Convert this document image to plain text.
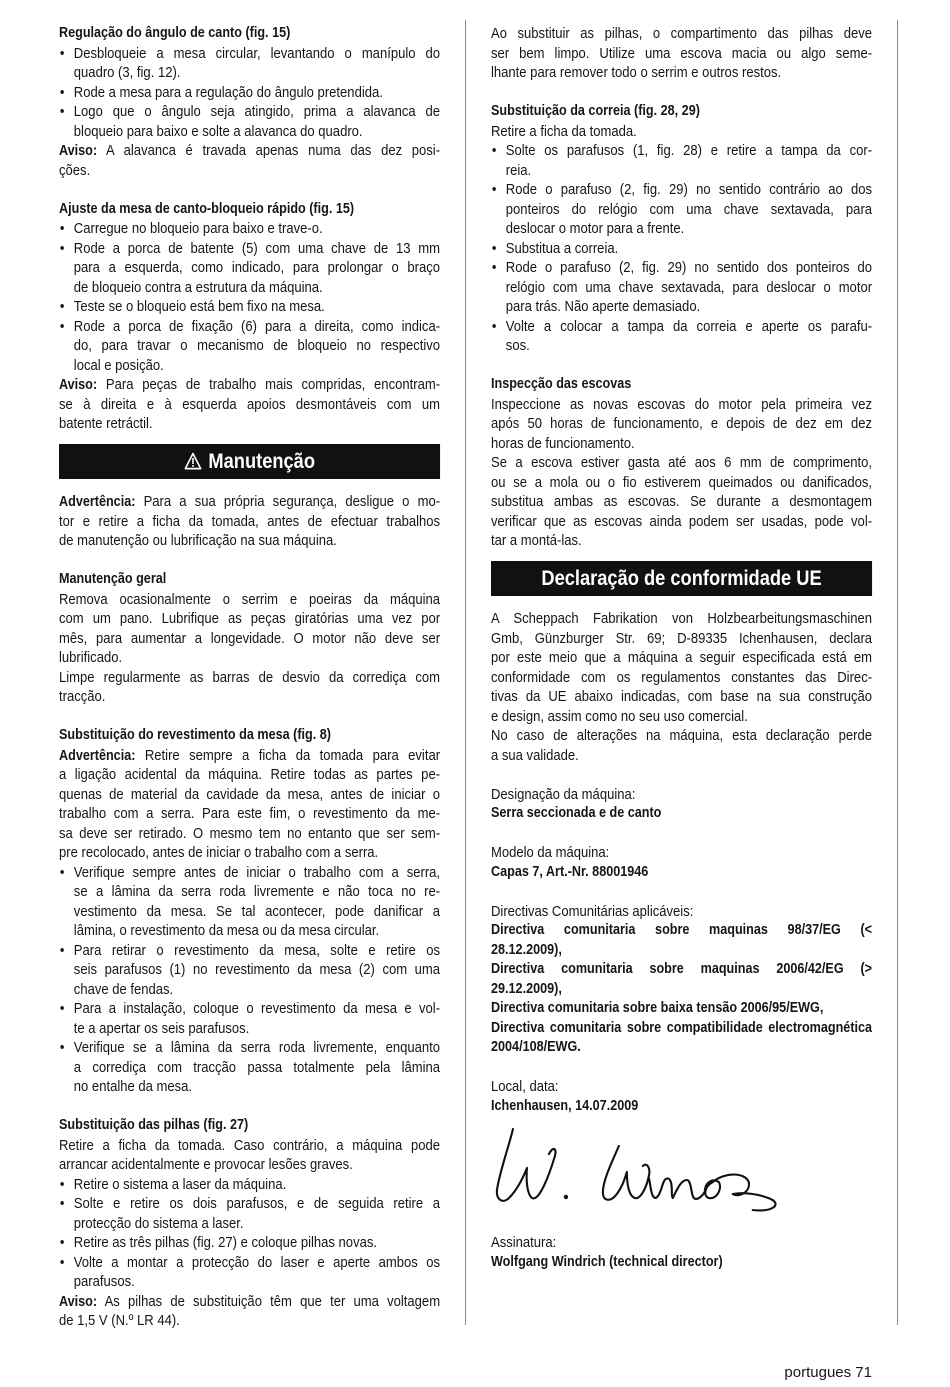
Regulação do ângulo de canto (fig. 15)
•
Desbloqueie a mesa circular, levantando o manípulo do
quadro (3, fig. 12).
•
Rode a mesa para a regulação do ângulo pretendida.
•
Logo que o ângulo seja atingido, prima a alavanca de
bloqueio para baixo e solte a alavanca do quadro.
Aviso: A alavanca é travada apenas numa das dez posi-
ções.
Ajuste da mesa de canto-bloqueio rápido (fig. 15)
•
Carregue no bloqueio para baixo e trave-o.
•
Rode a porca de batente (5) com uma chave de 13 mm
para a esquerda, como indicado, para prolongar o braço
de bloqueio contra a estrutura da máquina.
•
Teste se o bloqueio está bem fixo na mesa.
•
Rode a porca de fixação (6) para a direita, como indica-
do, para travar o mecanismo de bloqueio no respectivo
local e posição.
Aviso: Para peças de trabalho mais compridas, encontram-
se à direita e à esquerda apoios desmontáveis com um
batente retráctil.
Manutenção
Advertência: Para a sua própria segurança, desligue o mo-
tor e retire a ficha da tomada, antes de efectuar trabalhos
de manutenção ou lubrificação na sua máquina.
Manutenção geral
Remova ocasionalmente o serrim e poeiras da máquina
com um pano. Lubrifique as peças giratórias uma vez por
mês, para aumentar a longevidade. O motor não deve ser
lubrificado.
Limpe regularmente as barras de desvio da corrediça com
tracção.
Substituição do revestimento da mesa (fig. 8)
Advertência: Retire sempre a ficha da tomada para evitar
a ligação acidental da máquina. Retire todas as partes pe-
quenas de material da cavidade da mesa, antes de iniciar o
trabalho com a serra. Para este fim, o revestimento da me-
sa deve ser retirado. O mesmo tem no entanto que ser sem-
pre recolocado, antes de iniciar o trabalho com a serra.
•
Verifique sempre antes de iniciar o trabalho com a serra,
se a lâmina da serra roda livremente e não toca no re-
vestimento da mesa. Se tal acontecer, pode danificar a
lâmina, o revestimento da mesa ou da mesa circular.
•
Para retirar o revestimento da mesa, solte e retire os
seis parafusos (1) no revestimento da mesa (2) com uma
chave de fendas.
•
Para a instalação, coloque o revestimento da mesa e vol-
te a apertar os seis parafusos.
•
Verifique se a lâmina da serra roda livremente, enquanto
a corrediça com tracção passa totalmente pela lâmina
no entalhe da mesa.
Substituição das pilhas (fig. 27)
Retire a ficha da tomada. Caso contrário, a máquina pode
arrancar acidentalmente e provocar lesões graves.
•
Retire o sistema a laser da máquina.
•
Solte e retire os dois parafusos, e de seguida retire a
protecção do sistema a laser.
•
Retire as três pilhas (fig. 27) e coloque pilhas novas.
•
Volte a montar a protecção do laser e aperte ambos os
parafusos.
Aviso: As pilhas de substituição têm que ter uma voltagem
de 1,5 V (N.º LR 44).
Ao substituir as pilhas, o compartimento das pilhas deve
ser bem limpo. Utilize uma escova macia ou algo seme-
lhante para remover todo o serrim e outros restos.
Substituição da correia (fig. 28, 29)
Retire a ficha da tomada.
•
Solte os parafusos (1, fig. 28) e retire a tampa da cor-
reia.
•
Rode o parafuso (2, fig. 29) no sentido contrário ao dos
ponteiros do relógio com uma chave sextavada, para
deslocar o motor para a frente.
•
Substitua a correia.
•
Rode o parafuso (2, fig. 29) no sentido dos ponteiros do
relógio com uma chave sextavada, para deslocar o motor
para trás. Não aperte demasiado.
•
Volte a colocar a tampa da correia e aperte os parafu-
sos.
Inspecção das escovas
Inspeccione as novas escovas do motor pela primeira vez
após 50 horas de funcionamento, e depois de dez em dez
horas de funcionamento.
Se a escova estiver gasta até aos 6 mm de comprimento,
ou se a mola ou o fio estiverem queimados ou danificados,
substitua ambas as escovas. Se durante a desmontagem
verificar que as escovas ainda podem ser usadas, pode vol-
tar a montá-las.
Declaração de conformidade UE
A Scheppach Fabrikation von Holzbearbeitungsmaschinen
Gmb, Günzburger Str. 69; D-89335 Ichenhausen, declara
por este meio que a máquina a seguir especificada está em
conformidade com os regulamentos constantes das Direc-
tivas da UE abaixo indicadas, com base na sua construção
e design, assim como no seu uso comercial.
No caso de alterações na máquina, esta declaração perde
a sua validade.
Designação da máquina:
Serra seccionada e de canto
Modelo da máquina:
Capas 7, Art.-Nr. 88001946
Directivas Comunitárias aplicáveis:
Directiva comunitaria sobre maquinas 98/37/EG (<
28.12.2009),
Directiva comunitaria sobre maquinas 2006/42/EG (>
29.12.2009),
Directiva comunitaria sobre baixa tensão 2006/95/EWG,
Directiva comunitaria sobre compatibilidade electromagnética
2004/108/EWG.
Local, data:
Ichenhausen, 14.07.2009
Assinatura:
Wolfgang Windrich (technical director)
portugues 71
